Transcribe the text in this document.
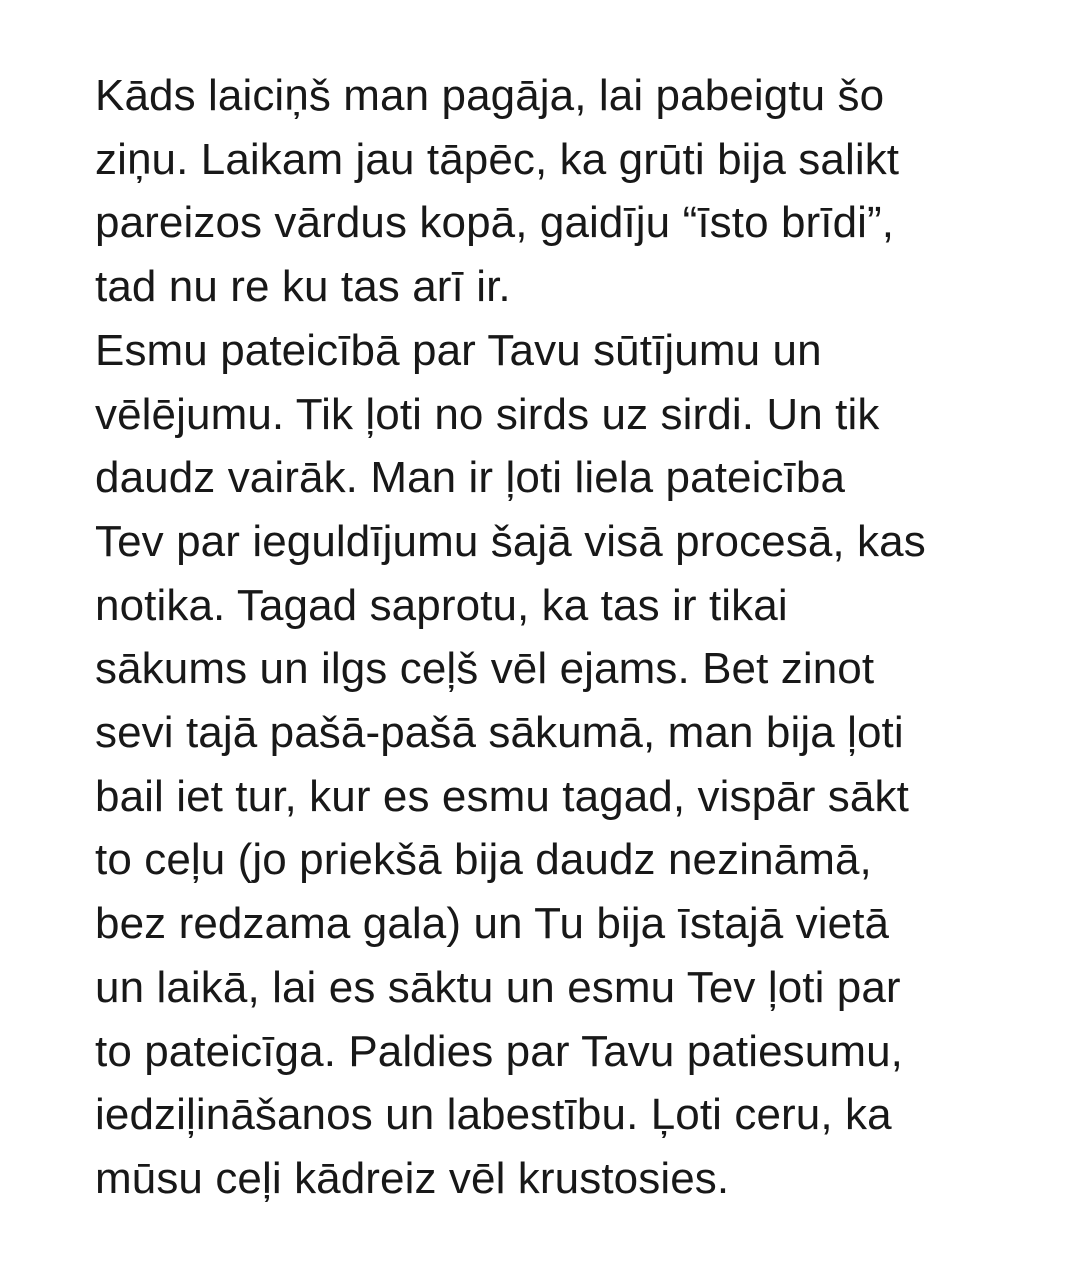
Kāds laiciņš man pagāja, lai pabeigtu šo
ziņu. Laikam jau tāpēc, ka grūti bija salikt
pareizos vārdus kopā, gaidīju “īsto brīdi”,
tad nu re ku tas arī ir.
Esmu pateicībā par Tavu sūtījumu un
vēlējumu. Tik ļoti no sirds uz sirdi. Un tik
daudz vairāk. Man ir ļoti liela pateicība
Tev par ieguldījumu šajā visā procesā, kas
notika. Tagad saprotu, ka tas ir tikai
sākums un ilgs ceļš vēl ejams. Bet zinot
sevi tajā pašā-pašā sākumā, man bija ļoti
bail iet tur, kur es esmu tagad, vispār sākt
to ceļu (jo priekšā bija daudz nezināmā,
bez redzama gala) un Tu bija īstajā vietā
un laikā, lai es sāktu un esmu Tev ļoti par
to pateicīga. Paldies par Tavu patiesumu,
iedziļināšanos un labestību. Ļoti ceru, ka
mūsu ceļi kādreiz vēl krustosies.
